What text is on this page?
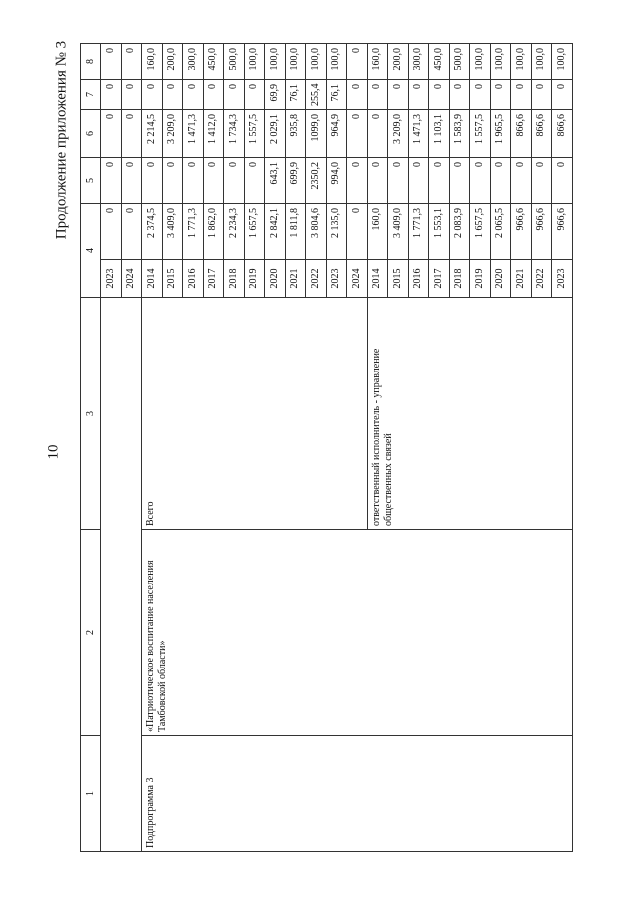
10
Продолжение приложения № 3
1	2	3	4		5	6	7	8
			2023	0	0	0	0	0
			2024	0	0	0	0	0
Подпрограмма 3	«Патриотическое воспитание населения Тамбовской области»	Всего	2014	2 374,5	0	2 214,5	0	160,0
			2015	3 409,0	0	3 209,0	0	200,0
			2016	1 771,3	0	1 471,3	0	300,0
			2017	1 862,0	0	1 412,0	0	450,0
			2018	2 234,3	0	1 734,3	0	500,0
			2019	1 657,5	0	1 557,5	0	100,0
			2020	2 842,1	643,1	2 029,1	69,9	100,0
			2021	1 811,8	699,9	935,8	76,1	100,0
			2022	3 804,6	2350,2	1099,0	255,4	100,0
			2023	2 135,0	994,0	964,9	76,1	100,0
			2024	0	0	0	0	0
		ответственный исполнитель - управление общественных связей	2014	160,0	0	0	0	160,0
			2015	3 409,0	0	3 209,0	0	200,0
			2016	1 771,3	0	1 471,3	0	300,0
			2017	1 553,1	0	1 103,1	0	450,0
			2018	2 083,9	0	1 583,9	0	500,0
			2019	1 657,5	0	1 557,5	0	100,0
			2020	2 065,5	0	1 965,5	0	100,0
			2021	966,6	0	866,6	0	100,0
			2022	966,6	0	866,6	0	100,0
			2023	966,6	0	866,6	0	100,0
